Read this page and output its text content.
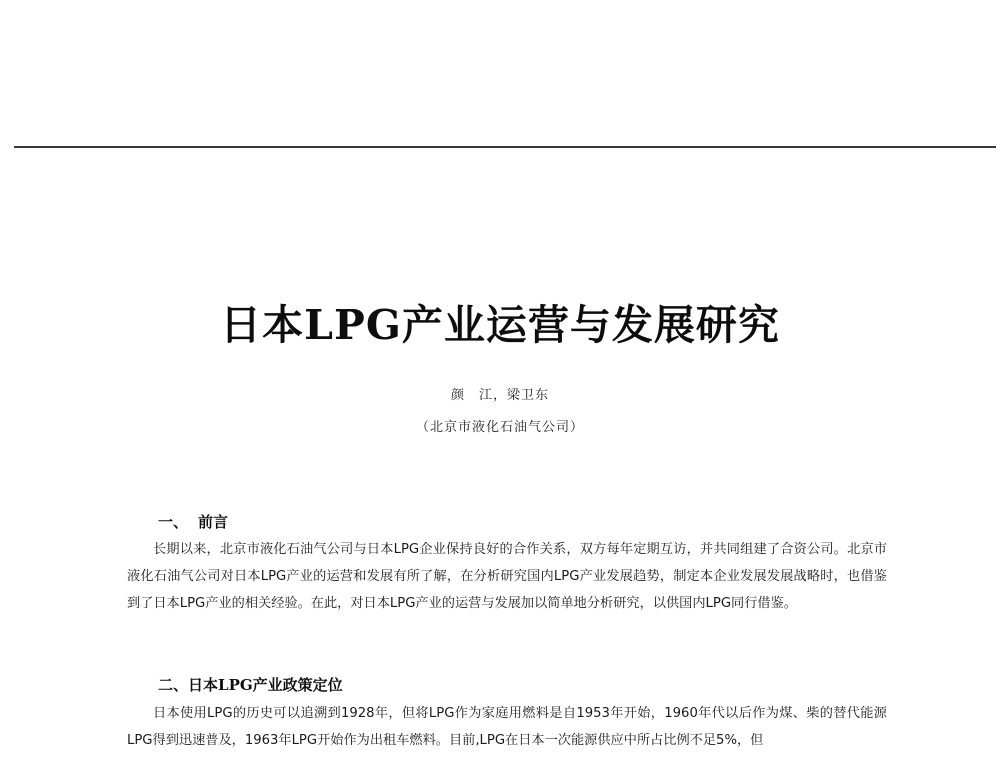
日本LPG产业运营与发展研究
颜　江，梁卫东
（北京市液化石油气公司）
一、 前言

长期以来，北京市液化石油气公司与日本LPG企业保持良好的合作关系，双方每年定期互访，并共同组建了合资公司。北京市液化石油气公司对日本LPG产业的运营和发展有所了解，在分析研究国内LPG产业发展趋势，制定本企业发展发展战略时，也借鉴到了日本LPG产业的相关经验。在此，对日本LPG产业的运营与发展加以简单地分析研究，以供国内LPG同行借鉴。

二、日本LPG产业政策定位

日本使用LPG的历史可以追溯到1928年，但将LPG作为家庭用燃料是自1953年开始，1960年代以后作为煤、柴的替代能源LPG得到迅速普及，1963年LPG开始作为出租车燃料。目前,LPG在日本一次能源供应中所占比例不足5%，但
